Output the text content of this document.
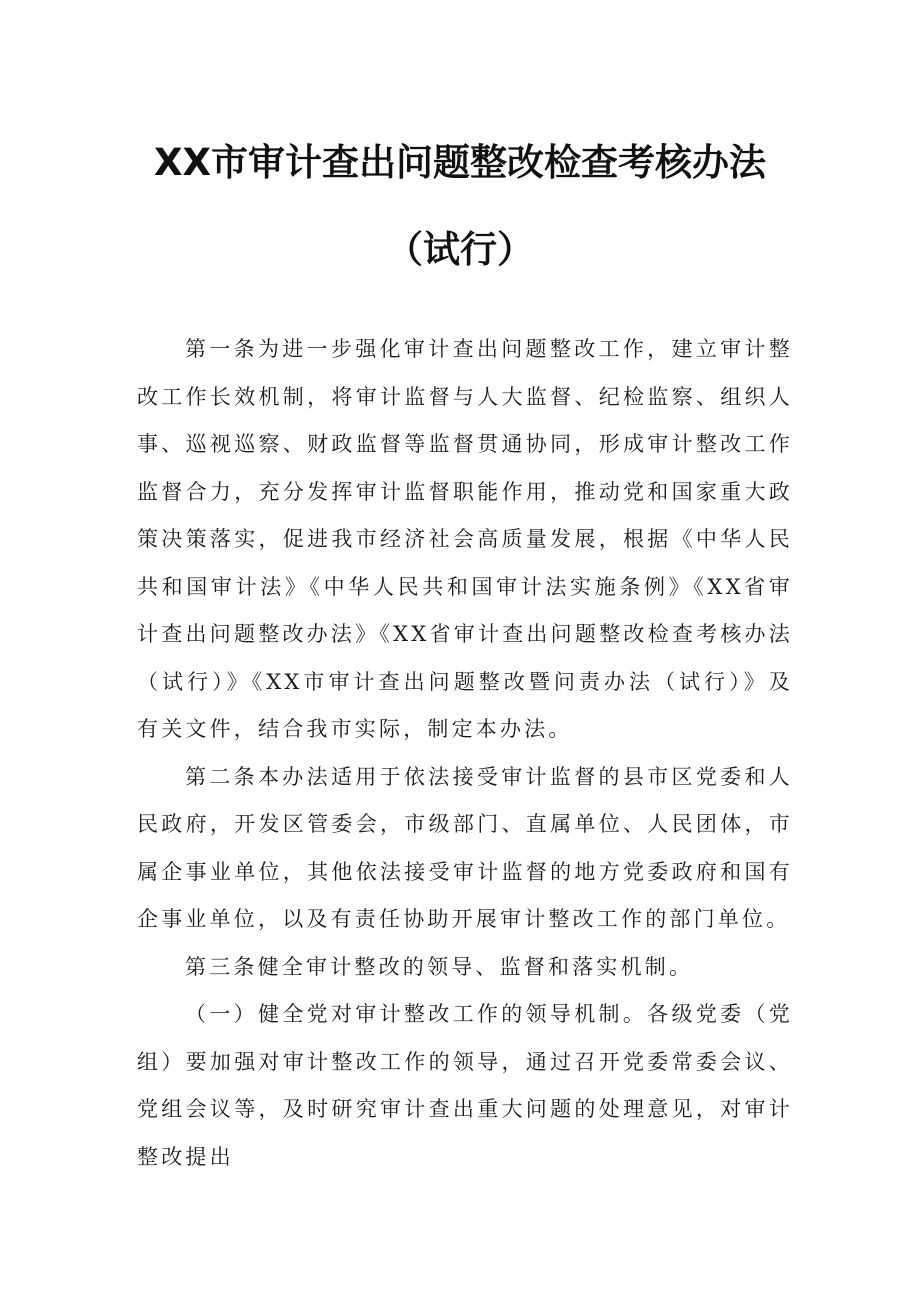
XX市审计查出问题整改检查考核办法
（试行）

第一条为进一步强化审计查出问题整改工作，建立审计整改工作长效机制，将审计监督与人大监督、纪检监察、组织人事、巡视巡察、财政监督等监督贯通协同，形成审计整改工作监督合力，充分发挥审计监督职能作用，推动党和国家重大政策决策落实，促进我市经济社会高质量发展，根据《中华人民共和国审计法》《中华人民共和国审计法实施条例》《XX省审计查出问题整改办法》《XX省审计查出问题整改检查考核办法（试行）》《XX市审计查出问题整改暨问责办法（试行）》及有关文件，结合我市实际，制定本办法。

第二条本办法适用于依法接受审计监督的县市区党委和人民政府，开发区管委会，市级部门、直属单位、人民团体，市属企事业单位，其他依法接受审计监督的地方党委政府和国有企事业单位，以及有责任协助开展审计整改工作的部门单位。

第三条健全审计整改的领导、监督和落实机制。

（一）健全党对审计整改工作的领导机制。各级党委（党组）要加强对审计整改工作的领导，通过召开党委常委会议、党组会议等，及时研究审计查出重大问题的处理意见，对审计整改提出
